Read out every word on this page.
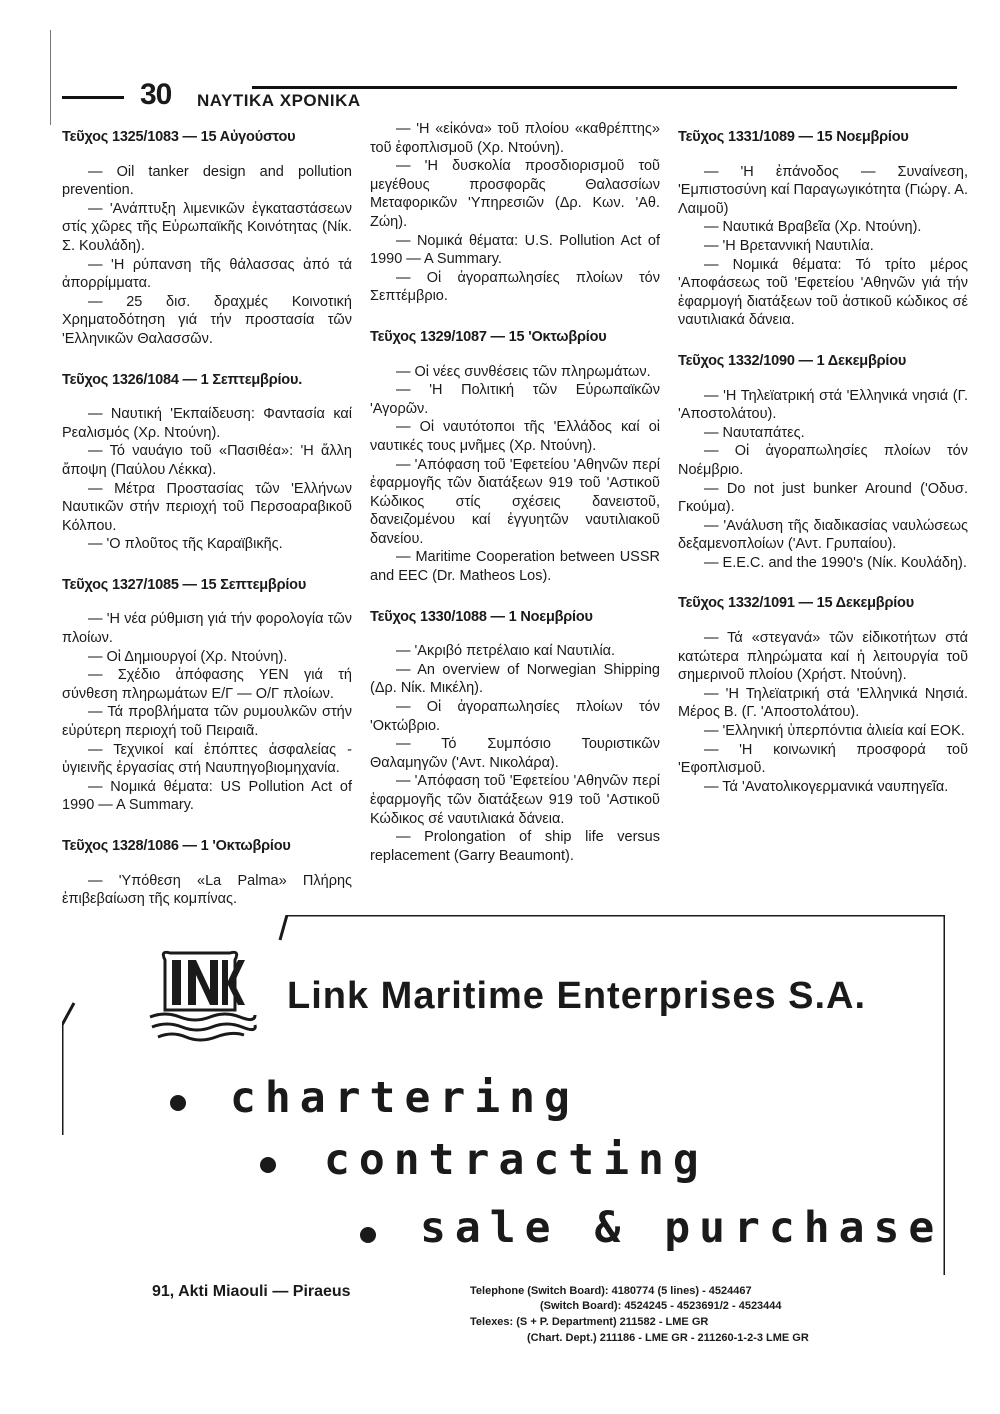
30 ΝΑΥΤΙΚΑ ΧΡΟΝΙΚΑ
Τεῦχος 1325/1083 — 15 Αὐγούστου

— Oil tanker design and pollution prevention.

— 'Ανάπτυξη λιμενικῶν ἐγκαταστάσεων στίς χῶρες τῆς Εὐρωπαϊκῆς Κοινότητας (Νίκ. Σ. Κουλάδη).

— 'Η ρύπανση τῆς θάλασσας ἀπό τά ἀπορρίμματα.

— 25 δισ. δραχμές Κοινοτική Χρηματοδότηση γιά τήν προστασία τῶν 'Ελληνικῶν Θαλασσῶν.

Τεῦχος 1326/1084 — 1 Σεπτεμβρίου.

— Ναυτική 'Εκπαίδευση: Φαντασία καί Ρεαλισμός (Χρ. Ντούνη).

— Τό ναυάγιο τοῦ «Πασιθέα»: 'Η ἄλλη ἄποψη (Παύλου Λέκκα).

— Μέτρα Προστασίας τῶν 'Ελλήνων Ναυτικῶν στήν περιοχή τοῦ Περσοαραβικοῦ Κόλπου.

— 'Ο πλοῦτος τῆς Καραϊβικῆς.

Τεῦχος 1327/1085 — 15 Σεπτεμβρίου

— 'Η νέα ρύθμιση γιά τήν φορολογία τῶν πλοίων.

— Οἱ Δημιουργοί (Χρ. Ντούνη).

— Σχέδιο ἀπόφασης ΥΕΝ γιά τή σύνθεση πληρωμάτων Ε/Γ — Ο/Γ πλοίων.

— Τά προβλήματα τῶν ρυμουλκῶν στήν εὐρύτερη περιοχή τοῦ Πειραιᾶ.

— Τεχνικοί καί ἐπόπτες ἀσφαλείας - ὑγιεινῆς ἐργασίας στή Ναυπηγοβιομηχανία.

— Νομικά θέματα: US Pollution Act of 1990 — A Summary.

Τεῦχος 1328/1086 — 1 'Οκτωβρίου

— 'Υπόθεση «La Palma» Πλήρης ἐπιβεβαίωση τῆς κομπίνας.

— 'Η «εἰκόνα» τοῦ πλοίου «καθρέπτης» τοῦ ἐφοπλισμοῦ (Χρ. Ντούνη).

— 'Η δυσκολία προσδιορισμοῦ τοῦ μεγέθους προσφορᾶς Θαλασσίων Μεταφορικῶν 'Υπηρεσιῶν (Δρ. Κων. 'Αθ. Ζώη).

— Νομικά θέματα: U.S. Pollution Act of 1990 — A Summary.

— Οἱ ἀγοραπωλησίες πλοίων τόν Σεπτέμβριο.

Τεῦχος 1329/1087 — 15 'Οκτωβρίου

— Οἱ νέες συνθέσεις τῶν πληρωμάτων.

— 'Η Πολιτική τῶν Εὐρωπαϊκῶν 'Αγορῶν.

— Οἱ ναυτότοποι τῆς 'Ελλάδος καί οἱ ναυτικές τους μνῆμες (Χρ. Ντούνη).

— 'Απόφαση τοῦ 'Εφετείου 'Αθηνῶν περί ἐφαρμογῆς τῶν διατάξεων 919 τοῦ 'Αστικοῦ Κώδικος στίς σχέσεις δανειστοῦ, δανειζομένου καί ἐγγυητῶν ναυτιλιακοῦ δανείου.

— Maritime Cooperation between USSR and EEC (Dr. Matheos Los).

Τεῦχος 1330/1088 — 1 Νοεμβρίου

— 'Ακριβό πετρέλαιο καί Ναυτιλία.

— An overview of Norwegian Shipping (Δρ. Νίκ. Μικέλη).

— Οἱ ἀγοραπωλησίες πλοίων τόν 'Οκτώβριο.

— Τό Συμπόσιο Τουριστικῶν Θαλαμηγῶν ('Αντ. Νικολάρα).

— 'Απόφαση τοῦ 'Εφετείου 'Αθηνῶν περί ἐφαρμογῆς τῶν διατάξεων 919 τοῦ 'Αστικοῦ Κώδικος σέ ναυτιλιακά δάνεια.

— Prolongation of ship life versus replacement (Garry Beaumont).

Τεῦχος 1331/1089 — 15 Νοεμβρίου

— 'Η ἐπάνοδος — Συναίνεση, 'Εμπιστοσύνη καί Παραγωγικότητα (Γιώργ. Α. Λαιμοῦ)

— Ναυτικά Βραβεῖα (Χρ. Ντούνη).

— 'Η Βρεταννική Ναυτιλία.

— Νομικά θέματα: Τό τρίτο μέρος 'Αποφάσεως τοῦ 'Εφετείου 'Αθηνῶν γιά τήν ἐφαρμογή διατάξεων τοῦ ἀστικοῦ κώδικος σέ ναυτιλιακά δάνεια.

Τεῦχος 1332/1090 — 1 Δεκεμβρίου

— 'Η Τηλεϊατρική στά 'Ελληνικά νησιά (Γ. 'Αποστολάτου).

— Ναυταπάτες.

— Οἱ ἀγοραπωλησίες πλοίων τόν Νοέμβριο.

— Do not just bunker Around ('Οδυσ. Γκούμα).

— 'Ανάλυση τῆς διαδικασίας ναυλώσεως δεξαμενοπλοίων ('Αντ. Γρυπαίου).

— E.E.C. and the 1990's (Νίκ. Κουλάδη).

Τεῦχος 1332/1091 — 15 Δεκεμβρίου

— Τά «στεγανά» τῶν εἰδικοτήτων στά κατώτερα πληρώματα καί ἡ λειτουργία τοῦ σημερινοῦ πλοίου (Χρήστ. Ντούνη).

— 'Η Τηλεϊατρική στά 'Ελληνικά Νησιά. Μέρος Β. (Γ. 'Αποστολάτου).

— 'Ελληνική ὑπερπόντια ἁλιεία καί ΕΟΚ.

— 'Η κοινωνική προσφορά τοῦ 'Εφοπλισμοῦ.

— Τά 'Ανατολικογερμανικά ναυπηγεῖα.

Link Maritime Enterprises S.A.
chartering
contracting
sale & purchase
91, Akti Miaouli — Piraeus	Telephone (Switch Board): 4180774 (5 lines) - 4524467
(Switch Board): 4524245 - 4523691/2 - 4523444
Telexes: (S + P. Department) 211582 - LME GR
(Chart. Dept.) 211186 - LME GR - 211260-1-2-3 LME GR
